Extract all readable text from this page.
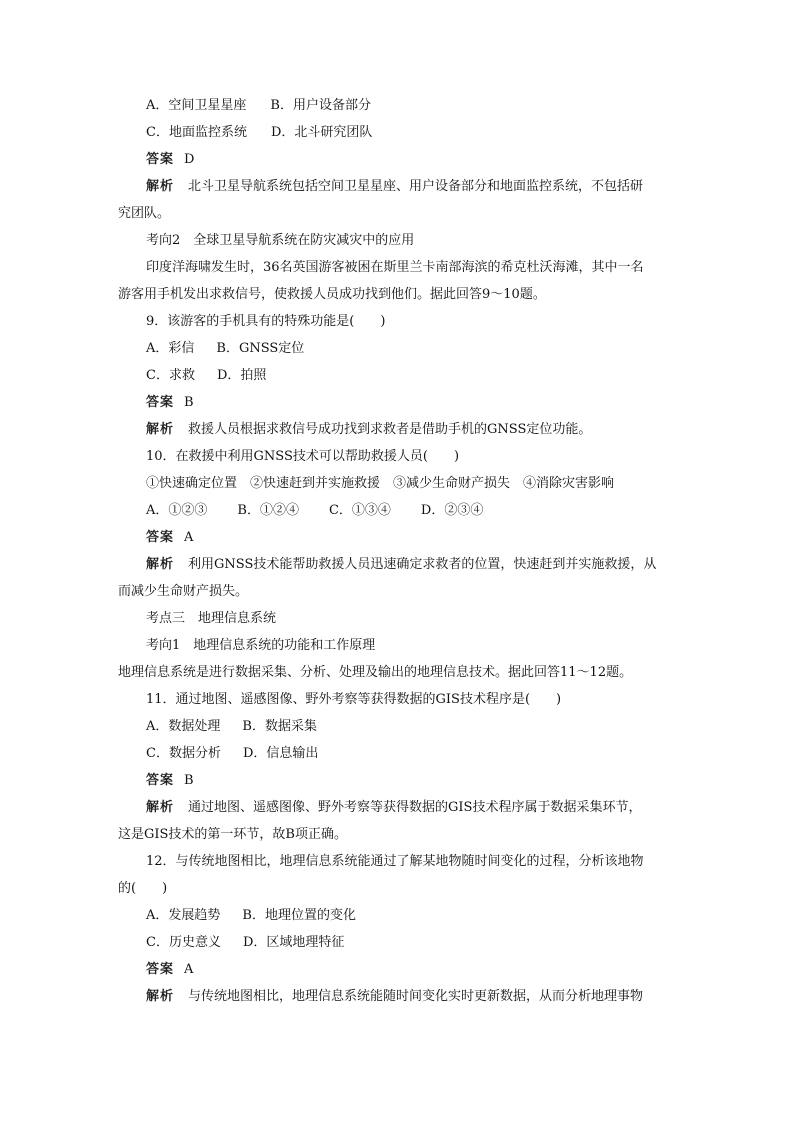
A．空间卫星星座 B．用户设备部分
C．地面监控系统 D．北斗研究团队
答案 D
解析 北斗卫星导航系统包括空间卫星星座、用户设备部分和地面监控系统，不包括研
究团队。
考向2　全球卫星导航系统在防灾减灾中的应用
印度洋海啸发生时，36名英国游客被困在斯里兰卡南部海滨的希克杜沃海滩，其中一名
游客用手机发出求救信号，使救援人员成功找到他们。据此回答9～10题。
9．该游客的手机具有的特殊功能是(　　)
A．彩信 B．GNSS定位
C．求救 D．拍照
答案 B
解析 救援人员根据求救信号成功找到求救者是借助手机的GNSS定位功能。
10．在救援中利用GNSS技术可以帮助救援人员(　　)
①快速确定位置　②快速赶到并实施救援　③减少生命财产损失　④消除灾害影响
A．①②③ B．①②④ C．①③④ D．②③④
答案 A
解析 利用GNSS技术能帮助救援人员迅速确定求救者的位置，快速赶到并实施救援，从
而减少生命财产损失。
考点三　地理信息系统
考向1　地理信息系统的功能和工作原理
地理信息系统是进行数据采集、分析、处理及输出的地理信息技术。据此回答11～12题。
11．通过地图、遥感图像、野外考察等获得数据的GIS技术程序是(　　)
A．数据处理 B．数据采集
C．数据分析 D．信息输出
答案 B
解析 通过地图、遥感图像、野外考察等获得数据的GIS技术程序属于数据采集环节，
这是GIS技术的第一环节，故B项正确。
12．与传统地图相比，地理信息系统能通过了解某地物随时间变化的过程，分析该地物
的(　　)
A．发展趋势 B．地理位置的变化
C．历史意义 D．区域地理特征
答案 A
解析 与传统地图相比，地理信息系统能随时间变化实时更新数据，从而分析地理事物
